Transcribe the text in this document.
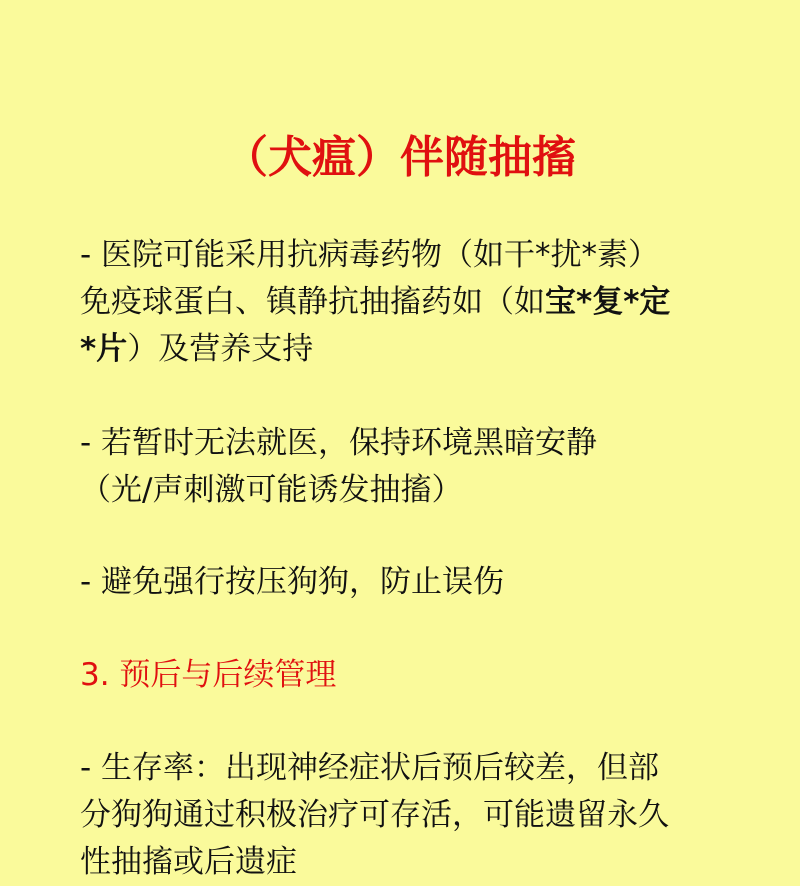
（犬瘟）伴随抽搐
- 医院可能采用抗病毒药物（如干*扰*素）
免疫球蛋白、镇静抗抽搐药如（如宝*复*定
*片）及营养支持
- 若暂时无法就医，保持环境黑暗安静
（光/声刺激可能诱发抽搐）
- 避免强行按压狗狗，防止误伤
3. 预后与后续管理
- 生存率：出现神经症状后预后较差，但部
分狗狗通过积极治疗可存活，可能遗留永久
性抽搐或后遗症
